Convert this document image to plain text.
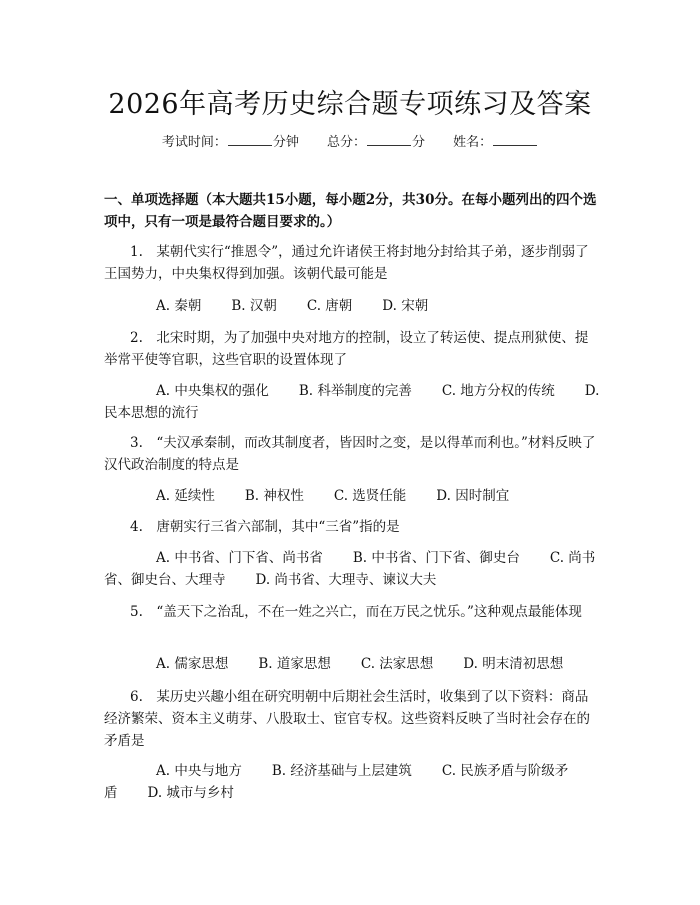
2026年高考历史综合题专项练习及答案
考试时间：	分钟 总分：	分 姓名：

一、单项选择题（本大题共15小题，每小题2分，共30分。在每小题列出的四个选项中，只有一项是最符合题目要求的。）

1.　某朝代实行“推恩令”，通过允许诸侯王将封地分封给其子弟，逐步削弱了王国势力，中央集权得到加强。该朝代最可能是

A. 秦朝 B. 汉朝 C. 唐朝 D. 宋朝

2.　北宋时期，为了加强中央对地方的控制，设立了转运使、提点刑狱使、提举常平使等官职，这些官职的设置体现了

A. 中央集权的强化 B. 科举制度的完善 C. 地方分权的传统 D. 民本思想的流行

3.　“夫汉承秦制，而改其制度者，皆因时之变，是以得革而利也。”材料反映了汉代政治制度的特点是

A. 延续性 B. 神权性 C. 选贤任能 D. 因时制宜

4.　唐朝实行三省六部制，其中“三省”指的是

A. 中书省、门下省、尚书省 B. 中书省、门下省、御史台 C. 尚书省、御史台、大理寺 D. 尚书省、大理寺、谏议大夫

5.　“盖天下之治乱，不在一姓之兴亡，而在万民之忧乐。”这种观点最能体现

A. 儒家思想 B. 道家思想 C. 法家思想 D. 明末清初思想

6.　某历史兴趣小组在研究明朝中后期社会生活时，收集到了以下资料：商品经济繁荣、资本主义萌芽、八股取士、宦官专权。这些资料反映了当时社会存在的矛盾是

A. 中央与地方 B. 经济基础与上层建筑 C. 民族矛盾与阶级矛盾 D. 城市与乡村
